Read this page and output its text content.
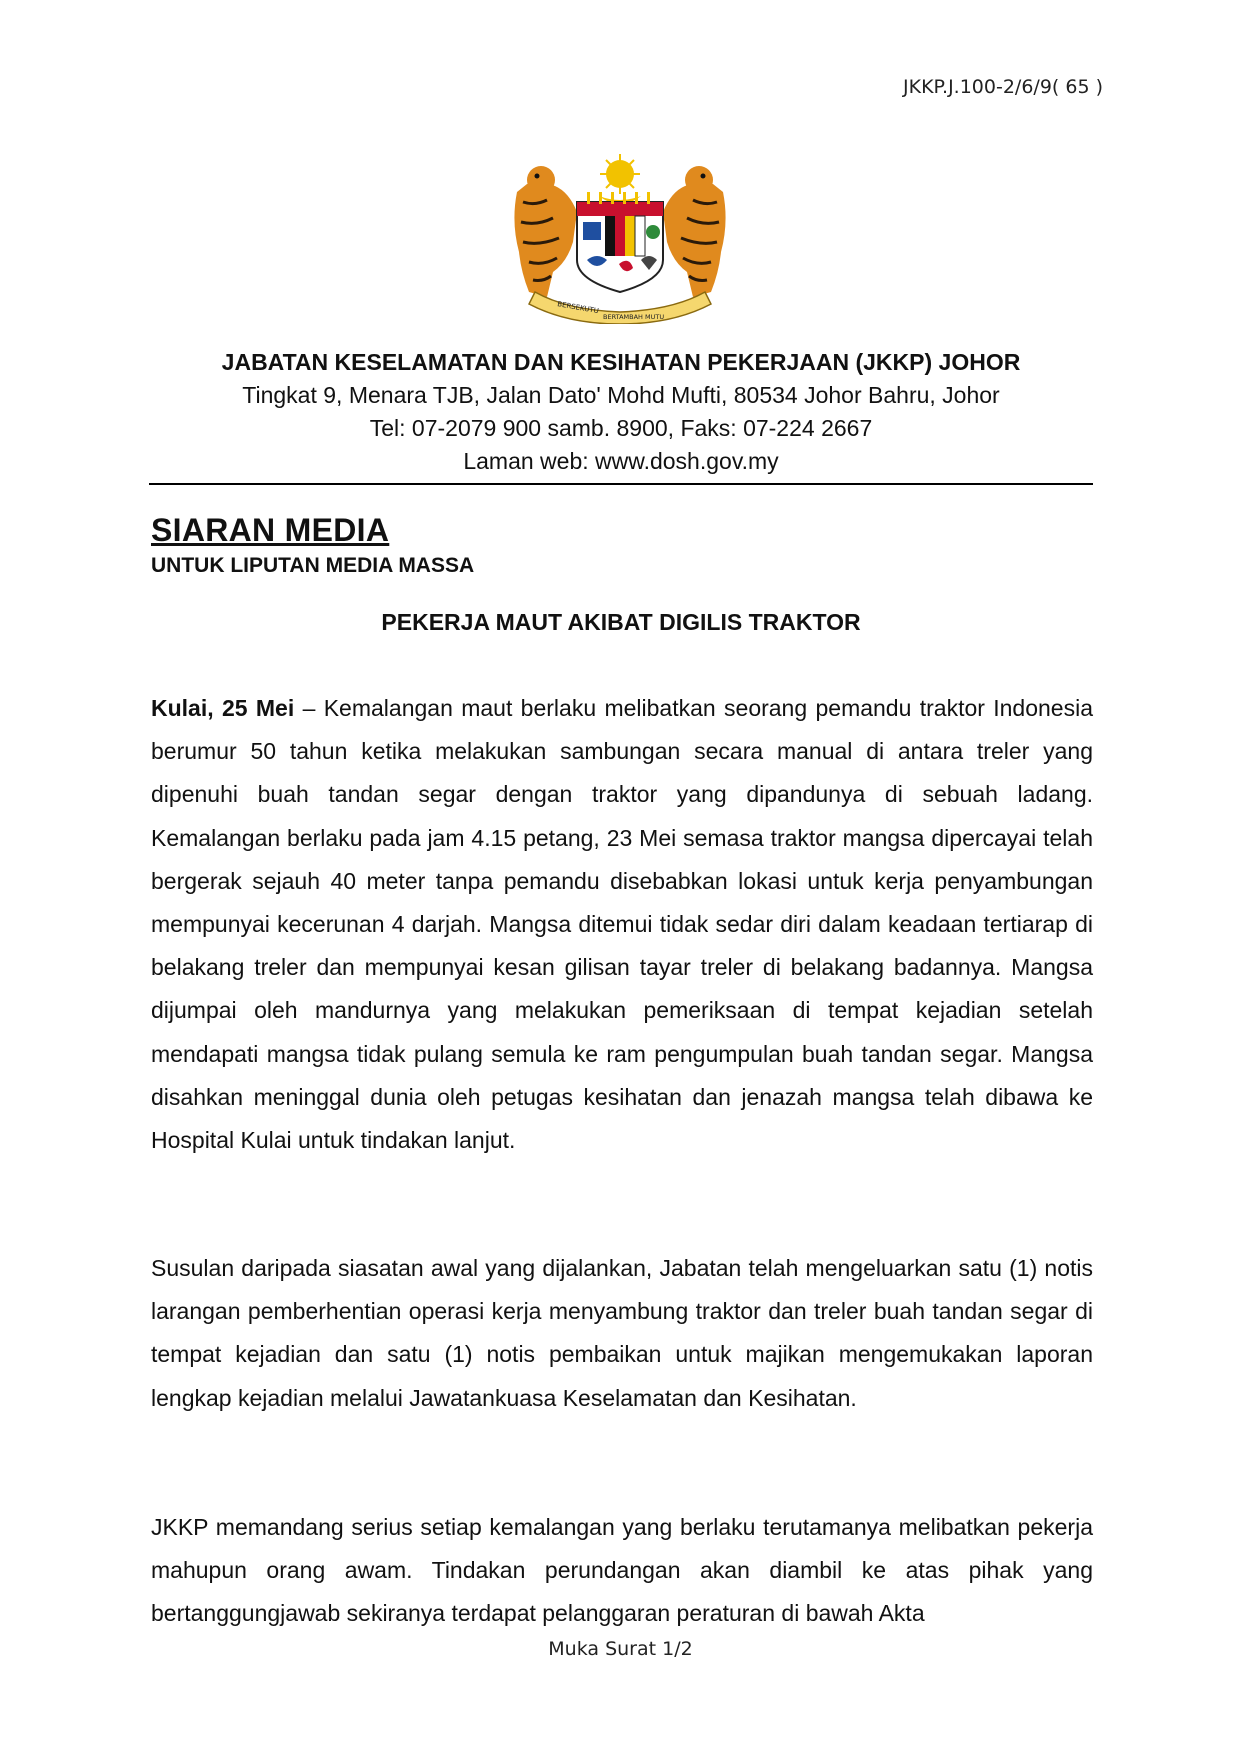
JKKP.J.100-2/6/9( 65 )
BERSEKUTU
BERTAMBAH MUTU
JABATAN KESELAMATAN DAN KESIHATAN PEKERJAAN (JKKP) JOHOR
Tingkat 9, Menara TJB, Jalan Dato' Mohd Mufti, 80534 Johor Bahru, Johor
Tel: 07-2079 900 samb. 8900, Faks: 07-224 2667
Laman web: www.dosh.gov.my
SIARAN MEDIA
UNTUK LIPUTAN MEDIA MASSA
PEKERJA MAUT AKIBAT DIGILIS TRAKTOR
Kulai, 25 Mei – Kemalangan maut berlaku melibatkan seorang pemandu traktor Indonesia berumur 50 tahun ketika melakukan sambungan secara manual di antara treler yang dipenuhi buah tandan segar dengan traktor yang dipandunya di sebuah ladang. Kemalangan berlaku pada jam 4.15 petang, 23 Mei semasa traktor mangsa dipercayai telah bergerak sejauh 40 meter tanpa pemandu disebabkan lokasi untuk kerja penyambungan mempunyai kecerunan 4 darjah. Mangsa ditemui tidak sedar diri dalam keadaan tertiarap di belakang treler dan mempunyai kesan gilisan tayar treler di belakang badannya. Mangsa dijumpai oleh mandurnya yang melakukan pemeriksaan di tempat kejadian setelah mendapati mangsa tidak pulang semula ke ram pengumpulan buah tandan segar. Mangsa disahkan meninggal dunia oleh petugas kesihatan dan jenazah mangsa telah dibawa ke Hospital Kulai untuk tindakan lanjut.
Susulan daripada siasatan awal yang dijalankan, Jabatan telah mengeluarkan satu (1) notis larangan pemberhentian operasi kerja menyambung traktor dan treler buah tandan segar di tempat kejadian dan satu (1) notis pembaikan untuk majikan mengemukakan laporan lengkap kejadian melalui Jawatankuasa Keselamatan dan Kesihatan.
JKKP memandang serius setiap kemalangan yang berlaku terutamanya melibatkan pekerja mahupun orang awam. Tindakan perundangan akan diambil ke atas pihak yang bertanggungjawab sekiranya terdapat pelanggaran peraturan di bawah Akta
Muka Surat 1/2
